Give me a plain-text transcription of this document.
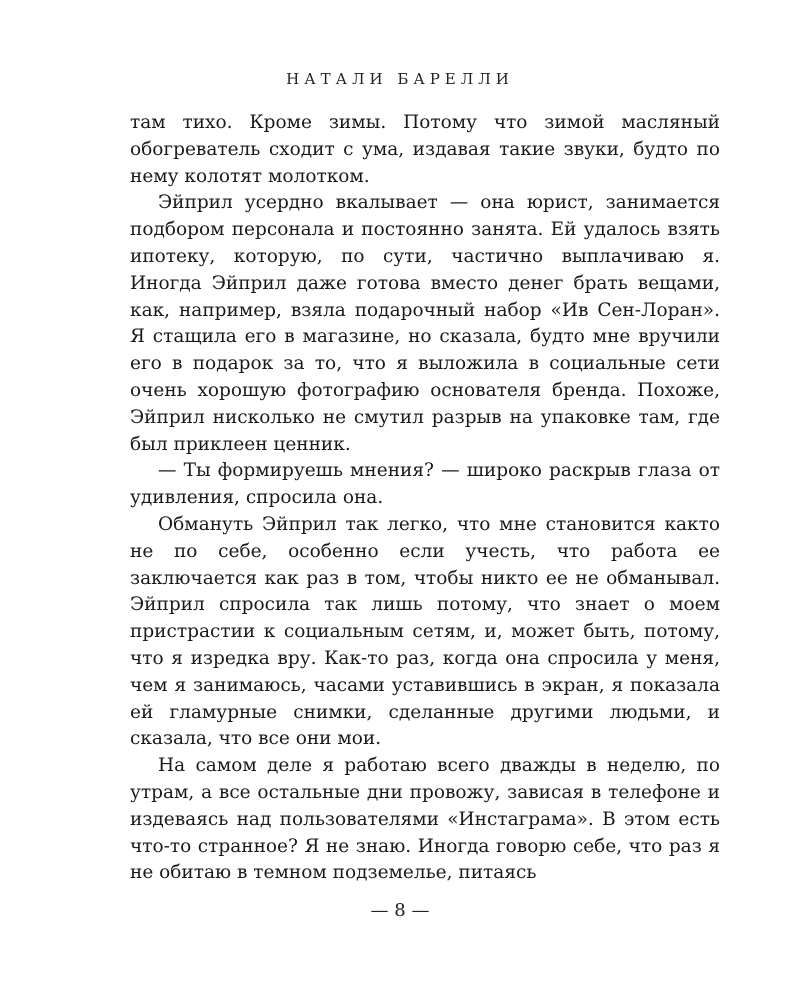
НАТАЛИ БАРЕЛЛИ

там тихо. Кроме зимы. Потому что зимой масляный обогреватель сходит с ума, издавая такие звуки, будто по нему колотят молотком.

Эйприл усердно вкалывает — она юрист, занимается подбором персонала и постоянно занята. Ей удалось взять ипотеку, которую, по сути, частично выплачиваю я. Иногда Эйприл даже готова вместо денег брать вещами, как, например, взяла подарочный набор «Ив Сен-Лоран». Я стащила его в магазине, но сказала, будто мне вручили его в подарок за то, что я выложила в социальные сети очень хорошую фотографию основателя бренда. Похоже, Эйприл нисколько не смутил разрыв на упаковке там, где был приклеен ценник.

— Ты формируешь мнения? — широко раскрыв глаза от удивления, спросила она.

Обмануть Эйприл так легко, что мне становится както не по себе, особенно если учесть, что работа ее заключается как раз в том, чтобы никто ее не обманывал. Эйприл спросила так лишь потому, что знает о моем пристрастии к социальным сетям, и, может быть, потому, что я изредка вру. Как-то раз, когда она спросила у меня, чем я занимаюсь, часами уставившись в экран, я показала ей гламурные снимки, сделанные другими людьми, и сказала, что все они мои.

На самом деле я работаю всего дважды в неделю, по утрам, а все остальные дни провожу, зависая в телефоне и издеваясь над пользователями «Инстаграма». В этом есть что-то странное? Я не знаю. Иногда говорю себе, что раз я не обитаю в темном подземелье, питаясь

— 8 —
